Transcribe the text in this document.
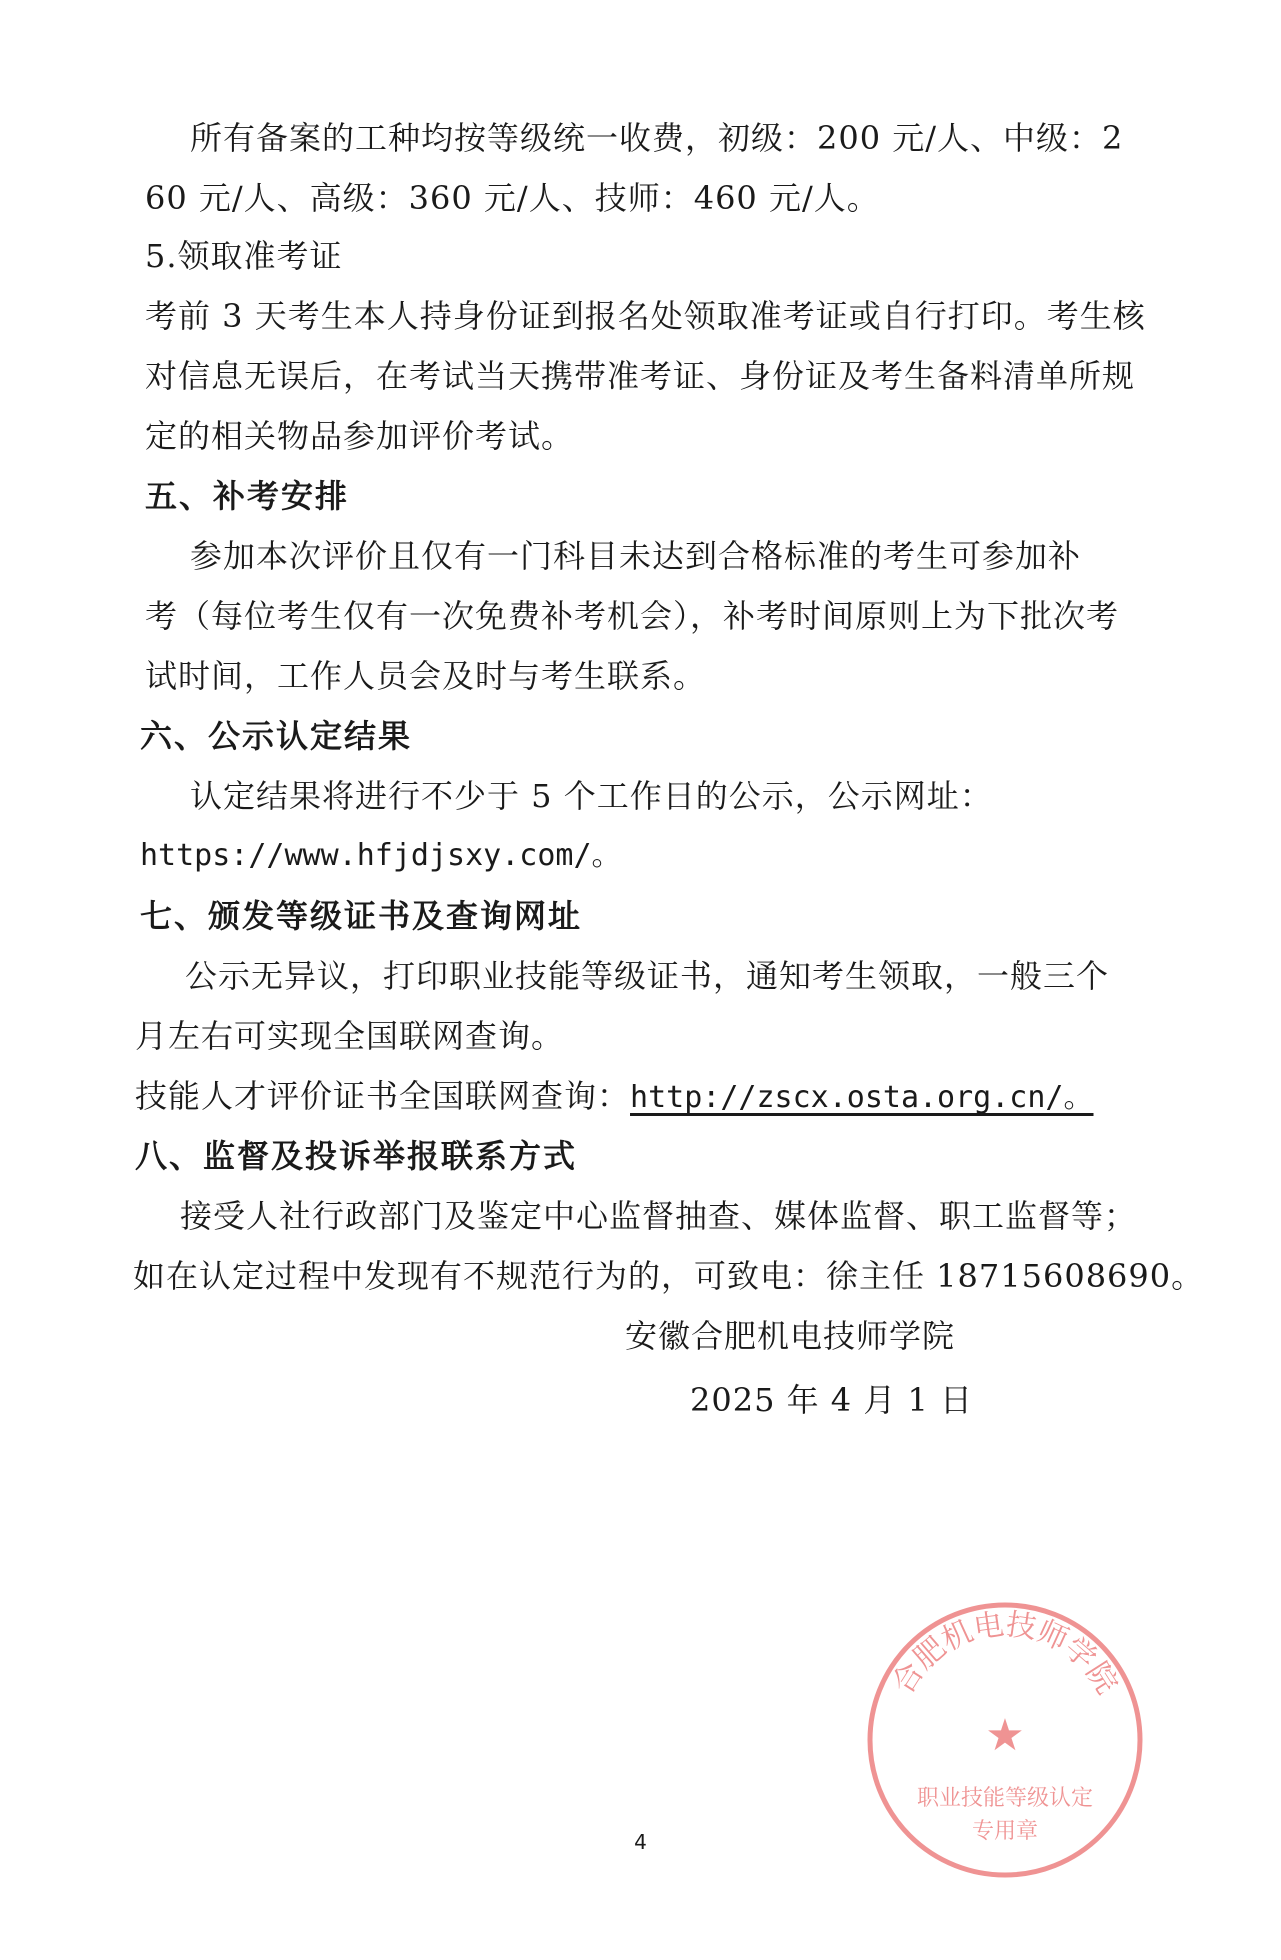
所有备案的工种均按等级统一收费，初级：200 元/人、中级：2
60 元/人、高级：360 元/人、技师：460 元/人。
5.领取准考证
考前 3 天考生本人持身份证到报名处领取准考证或自行打印。考生核
对信息无误后，在考试当天携带准考证、身份证及考生备料清单所规
定的相关物品参加评价考试。
五、补考安排
参加本次评价且仅有一门科目未达到合格标准的考生可参加补
考（每位考生仅有一次免费补考机会），补考时间原则上为下批次考
试时间，工作人员会及时与考生联系。
六、公示认定结果
认定结果将进行不少于 5 个工作日的公示，公示网址：
https://www.hfjdjsxy.com/。
七、颁发等级证书及查询网址
公示无异议，打印职业技能等级证书，通知考生领取，一般三个
月左右可实现全国联网查询。
技能人才评价证书全国联网查询：http://zscx.osta.org.cn/。
八、监督及投诉举报联系方式
接受人社行政部门及鉴定中心监督抽查、媒体监督、职工监督等；
如在认定过程中发现有不规范行为的，可致电：徐主任 18715608690。
安徽合肥机电技师学院
2025 年 4 月 1 日
合肥机电技师学院
★
职业技能等级认定
专用章
4
